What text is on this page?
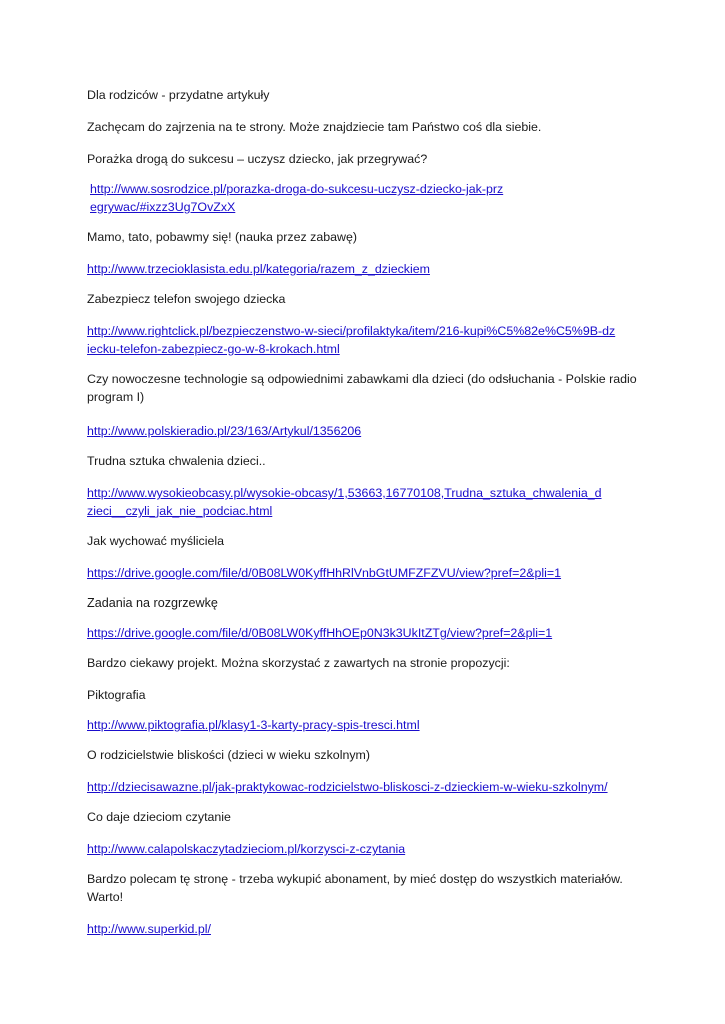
Dla rodziców - przydatne artykuły

Zachęcam do zajrzenia na te strony. Może znajdziecie tam Państwo coś dla siebie.

Porażka drogą do sukcesu – uczysz dziecko, jak przegrywać?

http://www.sosrodzice.pl/porazka-droga-do-sukcesu-uczysz-dziecko-jak-przegrywac/#ixzz3Ug7OvZxX

Mamo, tato, pobawmy się! (nauka przez zabawę)

http://www.trzecioklasista.edu.pl/kategoria/razem_z_dzieckiem

Zabezpiecz telefon swojego dziecka

http://www.rightclick.pl/bezpieczenstwo-w-sieci/profilaktyka/item/216-kupi%C5%82e%C5%9B-dziecku-telefon-zabezpiecz-go-w-8-krokach.html

Czy nowoczesne technologie są odpowiednimi zabawkami dla dzieci (do odsłuchania - Polskie radio program I)

http://www.polskieradio.pl/23/163/Artykul/1356206

Trudna sztuka chwalenia dzieci..

http://www.wysokieobcasy.pl/wysokie-obcasy/1,53663,16770108,Trudna_sztuka_chwalenia_dzieci__czyli_jak_nie_podciac.html

Jak wychować myśliciela

https://drive.google.com/file/d/0B08LW0KyffHhRlVnbGtUMFZFZVU/view?pref=2&pli=1

Zadania na rozgrzewkę

https://drive.google.com/file/d/0B08LW0KyffHhOEp0N3k3UkItZTg/view?pref=2&pli=1

Bardzo ciekawy projekt. Można skorzystać z zawartych na stronie propozycji:

Piktografia

http://www.piktografia.pl/klasy1-3-karty-pracy-spis-tresci.html

O rodzicielstwie bliskości (dzieci w wieku szkolnym)

http://dziecisawazne.pl/jak-praktykowac-rodzicielstwo-bliskosci-z-dzieckiem-w-wieku-szkolnym/

Co daje dzieciom czytanie

http://www.calapolskaczytadzieciom.pl/korzysci-z-czytania

Bardzo polecam tę stronę - trzeba wykupić abonament, by mieć dostęp do wszystkich materiałów. Warto!

http://www.superkid.pl/
